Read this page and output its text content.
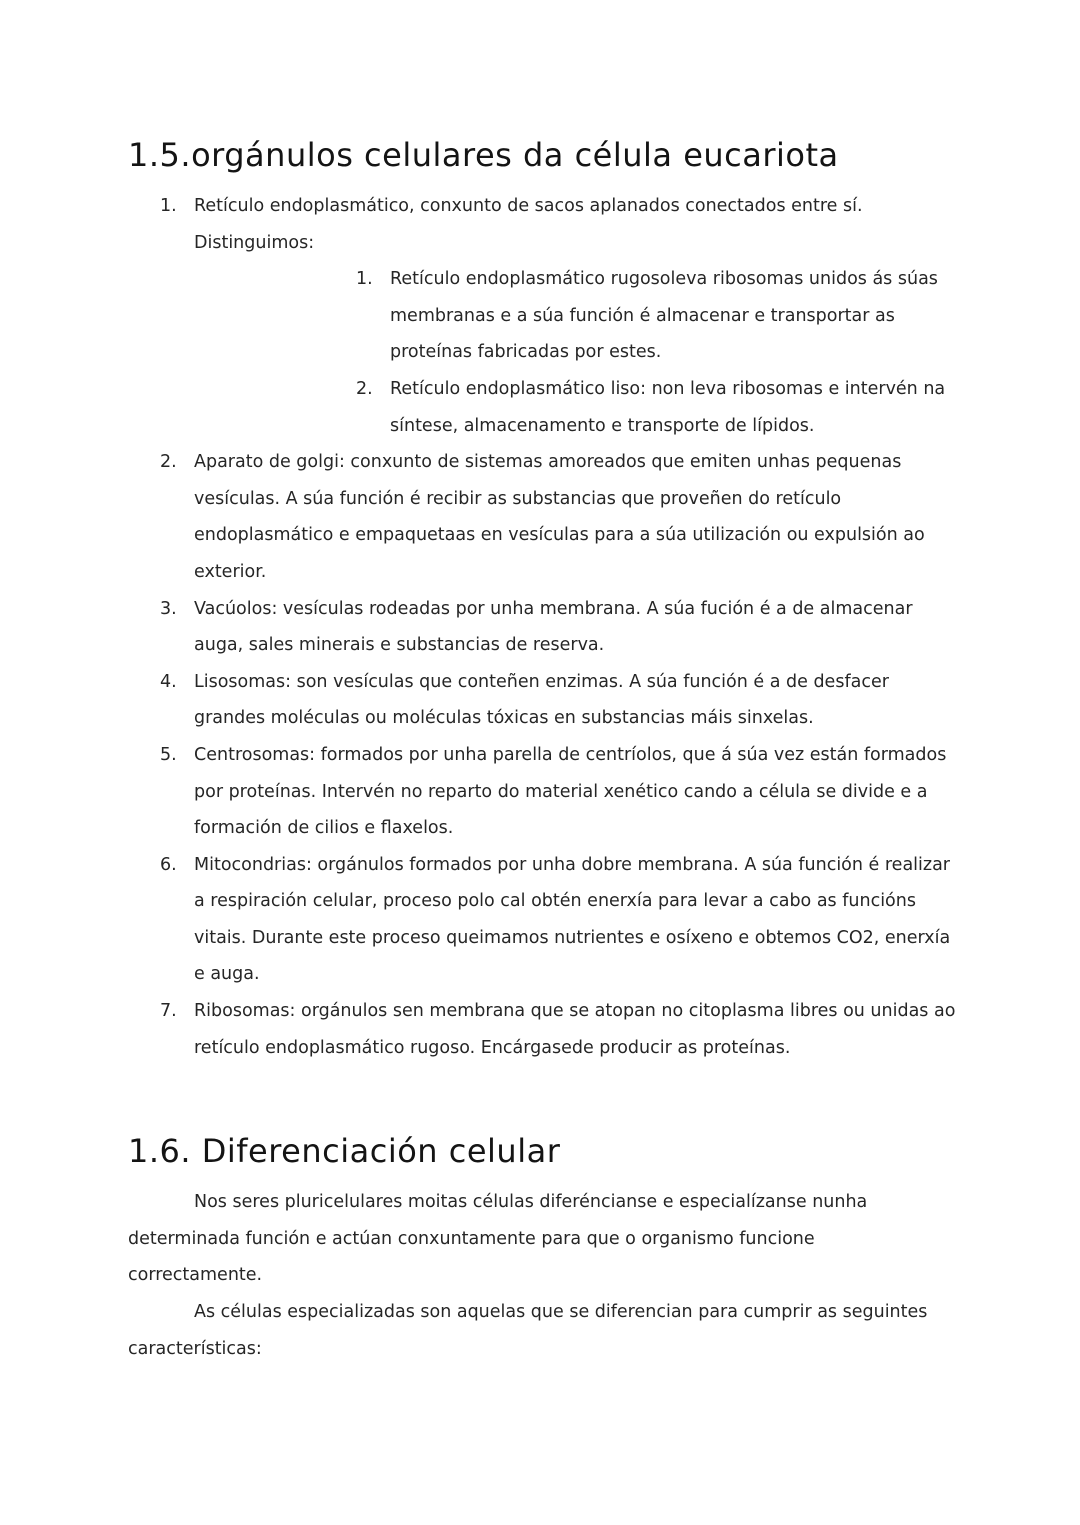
1.5.orgánulos celulares da célula eucariota
1. Retículo endoplasmático, conxunto de sacos aplanados conectados entre sí. Distinguimos:
1. Retículo endoplasmático rugosoleva ribosomas unidos ás súas membranas e a súa función é almacenar e transportar as proteínas fabricadas por estes.
2. Retículo endoplasmático liso: non leva ribosomas e intervén na síntese, almacenamento e transporte de lípidos.
2. Aparato de golgi: conxunto de sistemas amoreados que emiten unhas pequenas vesículas. A súa función é recibir as substancias que proveñen do retículo endoplasmático e empaquetaas en vesículas para a súa utilización ou expulsión ao exterior.
3. Vacúolos: vesículas rodeadas por unha membrana. A súa fución é a de almacenar auga, sales minerais e substancias de reserva.
4. Lisosomas: son vesículas que conteñen enzimas. A súa función é a de desfacer grandes moléculas ou moléculas tóxicas en substancias máis sinxelas.
5. Centrosomas: formados por unha parella de centríolos, que á súa vez están formados por proteínas. Intervén no reparto do material xenético cando a célula se divide e a formación de cilios e flaxelos.
6. Mitocondrias: orgánulos formados por unha dobre membrana. A súa función é realizar a respiración celular, proceso polo cal obtén enerxía para levar a cabo as funcións vitais. Durante este proceso queimamos nutrientes e osíxeno e obtemos CO2, enerxía e auga.
7. Ribosomas: orgánulos sen membrana que se atopan no citoplasma libres ou unidas ao retículo endoplasmático rugoso. Encárgasede producir as proteínas.
1.6. Diferenciación celular

Nos seres pluricelulares moitas células diferéncianse e especialízanse nunha determinada función e actúan conxuntamente para que o organismo funcione correctamente.

As células especializadas son aquelas que se diferencian para cumprir as seguintes características:
